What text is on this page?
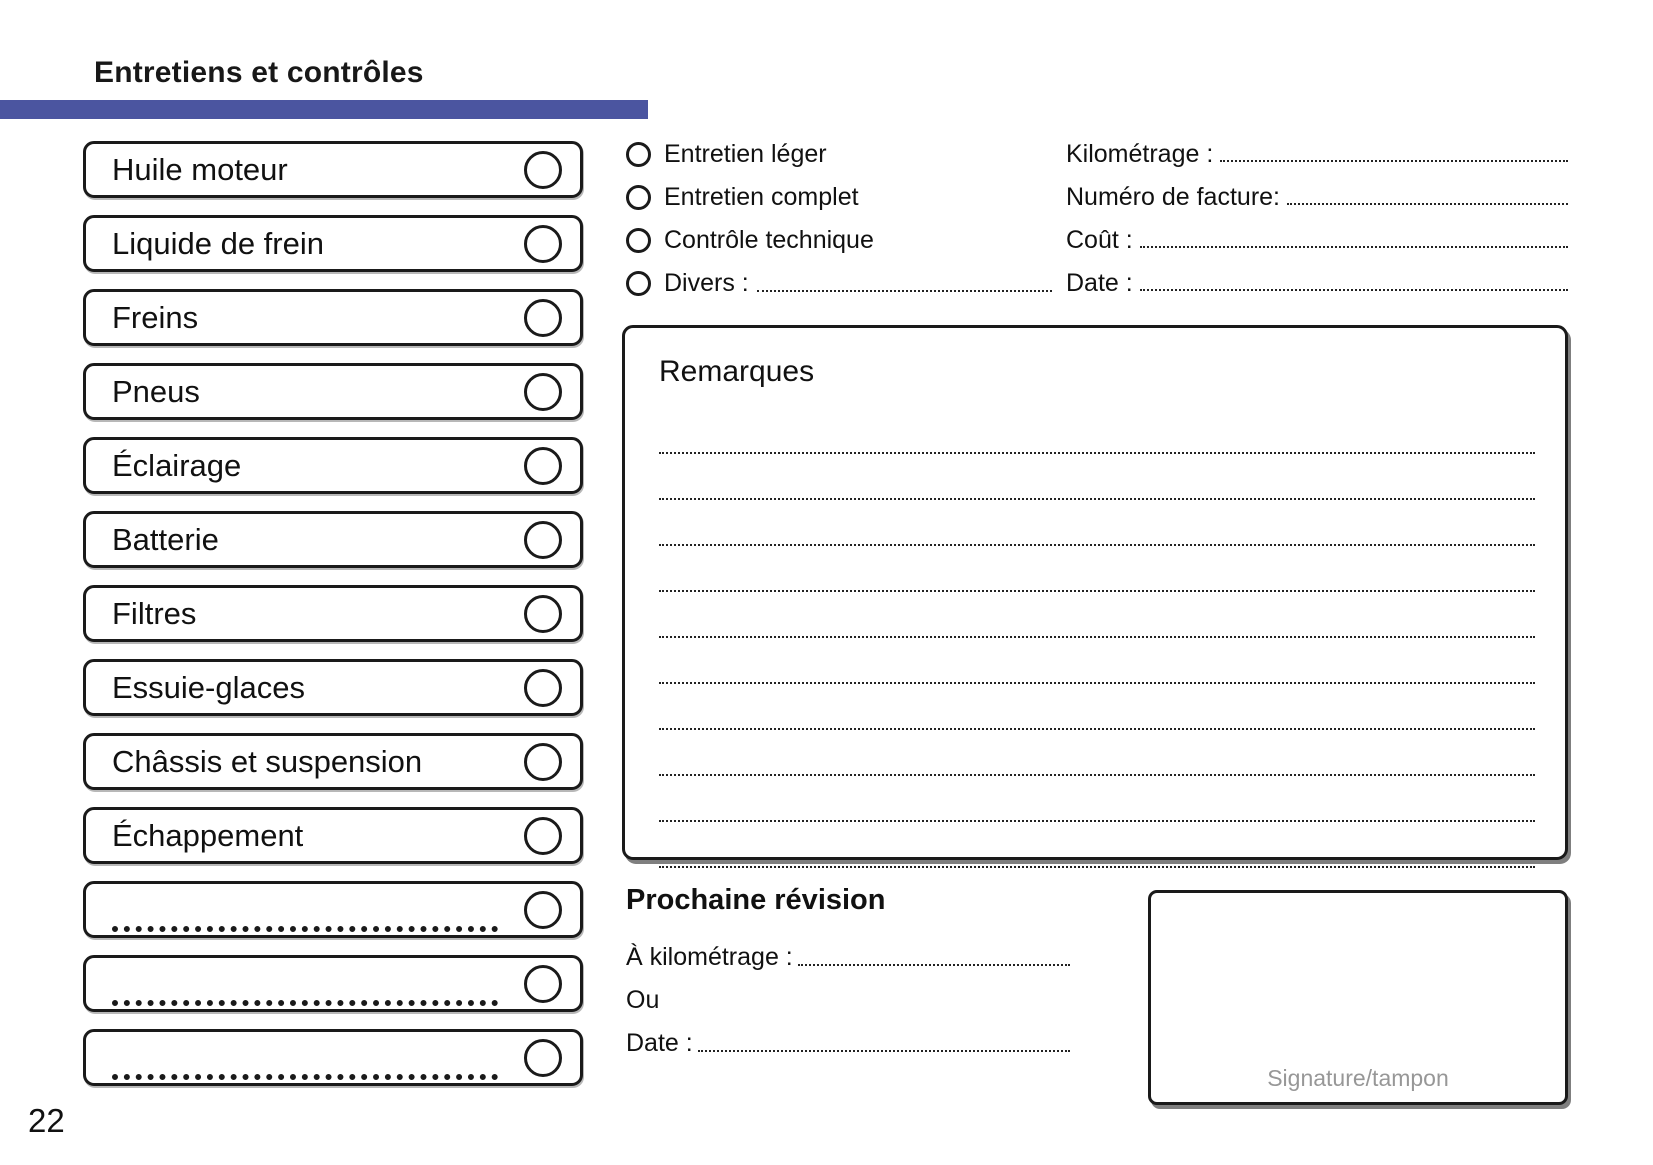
Entretiens et contrôles
Huile moteur
Liquide de frein
Freins
Pneus
Éclairage
Batterie
Filtres
Essuie-glaces
Châssis et suspension
Échappement
Entretien léger
Entretien complet
Contrôle technique
Divers :
Kilométrage :
Numéro de facture:
Coût :
Date :
Remarques
Prochaine révision
À kilométrage :
Ou
Date :
Signature/tampon
22
